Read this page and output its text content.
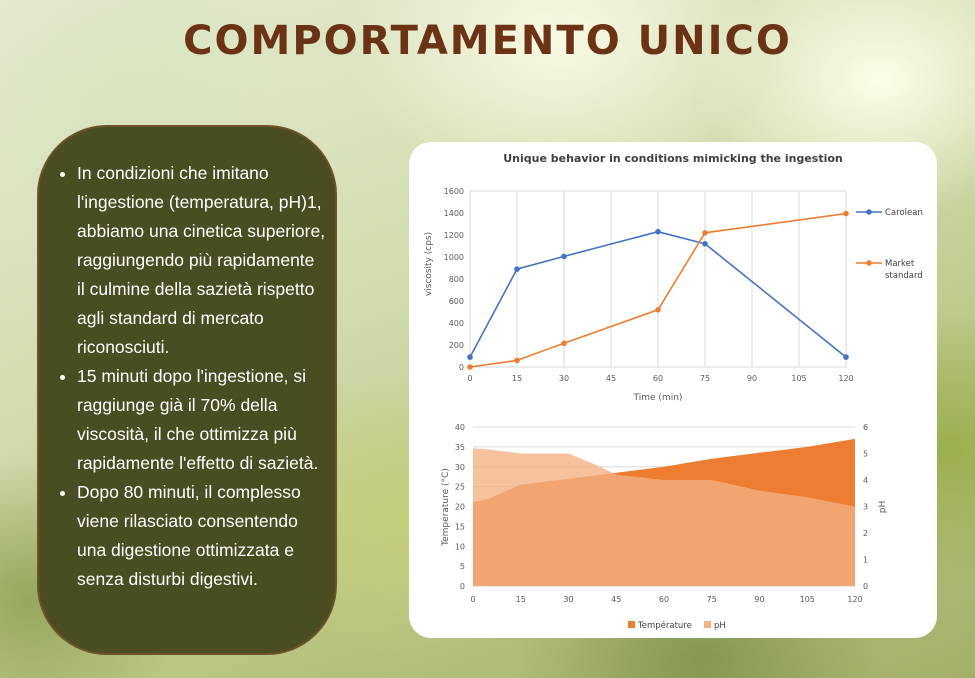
COMPORTAMENTO UNICO
• In condizioni che imitano l'ingestione (temperatura, pH)1, abbiamo una cinetica superiore, raggiungendo più rapidamente il culmine della sazietà rispetto agli standard di mercato riconosciuti.
• 15 minuti dopo l'ingestione, si raggiunge già il 70% della viscosità, il che ottimizza più rapidamente l'effetto di sazietà.
• Dopo 80 minuti, il complesso viene rilasciato consentendo una digestione ottimizzata e senza disturbi digestivi.
Unique behavior in conditions mimicking the ingestion
viscosity (cps)
Time (min)
0	15	30	45	60	75	90	105	120
0
200
400
600
800
1000
1200
1400
1600
Carolean
Market
standard
Temperature (°C)	pH
0
5
10
15
20
25
30
35
40
0
1
2
3
4
5
6
0	15	30	45	60	75	90	105	120
Température	pH
